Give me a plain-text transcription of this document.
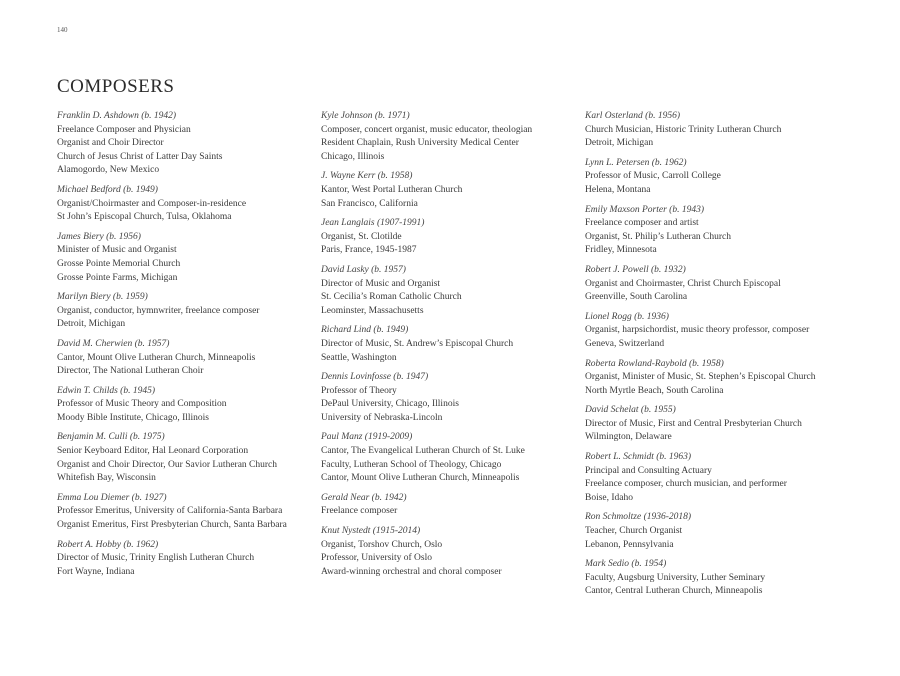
140
COMPOSERS
Franklin D. Ashdown (b. 1942)
Freelance Composer and Physician
Organist and Choir Director
Church of Jesus Christ of Latter Day Saints
Alamogordo, New Mexico
Michael Bedford (b. 1949)
Organist/Choirmaster and Composer-in-residence
St John’s Episcopal Church, Tulsa, Oklahoma
James Biery (b. 1956)
Minister of Music and Organist
Grosse Pointe Memorial Church
Grosse Pointe Farms, Michigan
Marilyn Biery (b. 1959)
Organist, conductor, hymnwriter, freelance composer
Detroit, Michigan
David M. Cherwien (b. 1957)
Cantor, Mount Olive Lutheran Church, Minneapolis
Director, The National Lutheran Choir
Edwin T. Childs (b. 1945)
Professor of Music Theory and Composition
Moody Bible Institute, Chicago, Illinois
Benjamin M. Culli (b. 1975)
Senior Keyboard Editor, Hal Leonard Corporation
Organist and Choir Director, Our Savior Lutheran Church
Whitefish Bay, Wisconsin
Emma Lou Diemer (b. 1927)
Professor Emeritus, University of California-Santa Barbara
Organist Emeritus, First Presbyterian Church, Santa Barbara
Robert A. Hobby (b. 1962)
Director of Music, Trinity English Lutheran Church
Fort Wayne, Indiana
Kyle Johnson (b. 1971)
Composer, concert organist, music educator, theologian
Resident Chaplain, Rush University Medical Center
Chicago, Illinois
J. Wayne Kerr (b. 1958)
Kantor, West Portal Lutheran Church
San Francisco, California
Jean Langlais (1907-1991)
Organist, St. Clotilde
Paris, France, 1945-1987
David Lasky (b. 1957)
Director of Music and Organist
St. Cecilia’s Roman Catholic Church
Leominster, Massachusetts
Richard Lind (b. 1949)
Director of Music, St. Andrew’s Episcopal Church
Seattle, Washington
Dennis Lovinfosse (b. 1947)
Professor of Theory
DePaul University, Chicago, Illinois
University of Nebraska-Lincoln
Paul Manz (1919-2009)
Cantor, The Evangelical Lutheran Church of St. Luke
Faculty, Lutheran School of Theology, Chicago
Cantor, Mount Olive Lutheran Church, Minneapolis
Gerald Near (b. 1942)
Freelance composer
Knut Nystedt (1915-2014)
Organist, Torshov Church, Oslo
Professor, University of Oslo
Award-winning orchestral and choral composer
Karl Osterland (b. 1956)
Church Musician, Historic Trinity Lutheran Church
Detroit, Michigan
Lynn L. Petersen (b. 1962)
Professor of Music, Carroll College
Helena, Montana
Emily Maxson Porter (b. 1943)
Freelance composer and artist
Organist, St. Philip’s Lutheran Church
Fridley, Minnesota
Robert J. Powell (b. 1932)
Organist and Choirmaster, Christ Church Episcopal
Greenville, South Carolina
Lionel Rogg (b. 1936)
Organist, harpsichordist, music theory professor, composer
Geneva, Switzerland
Roberta Rowland-Raybold (b. 1958)
Organist, Minister of Music, St. Stephen’s Episcopal Church
North Myrtle Beach, South Carolina
David Schelat (b. 1955)
Director of Music, First and Central Presbyterian Church
Wilmington, Delaware
Robert L. Schmidt (b. 1963)
Principal and Consulting Actuary
Freelance composer, church musician, and performer
Boise, Idaho
Ron Schmoltze (1936-2018)
Teacher, Church Organist
Lebanon, Pennsylvania
Mark Sedio (b. 1954)
Faculty, Augsburg University, Luther Seminary
Cantor, Central Lutheran Church, Minneapolis
